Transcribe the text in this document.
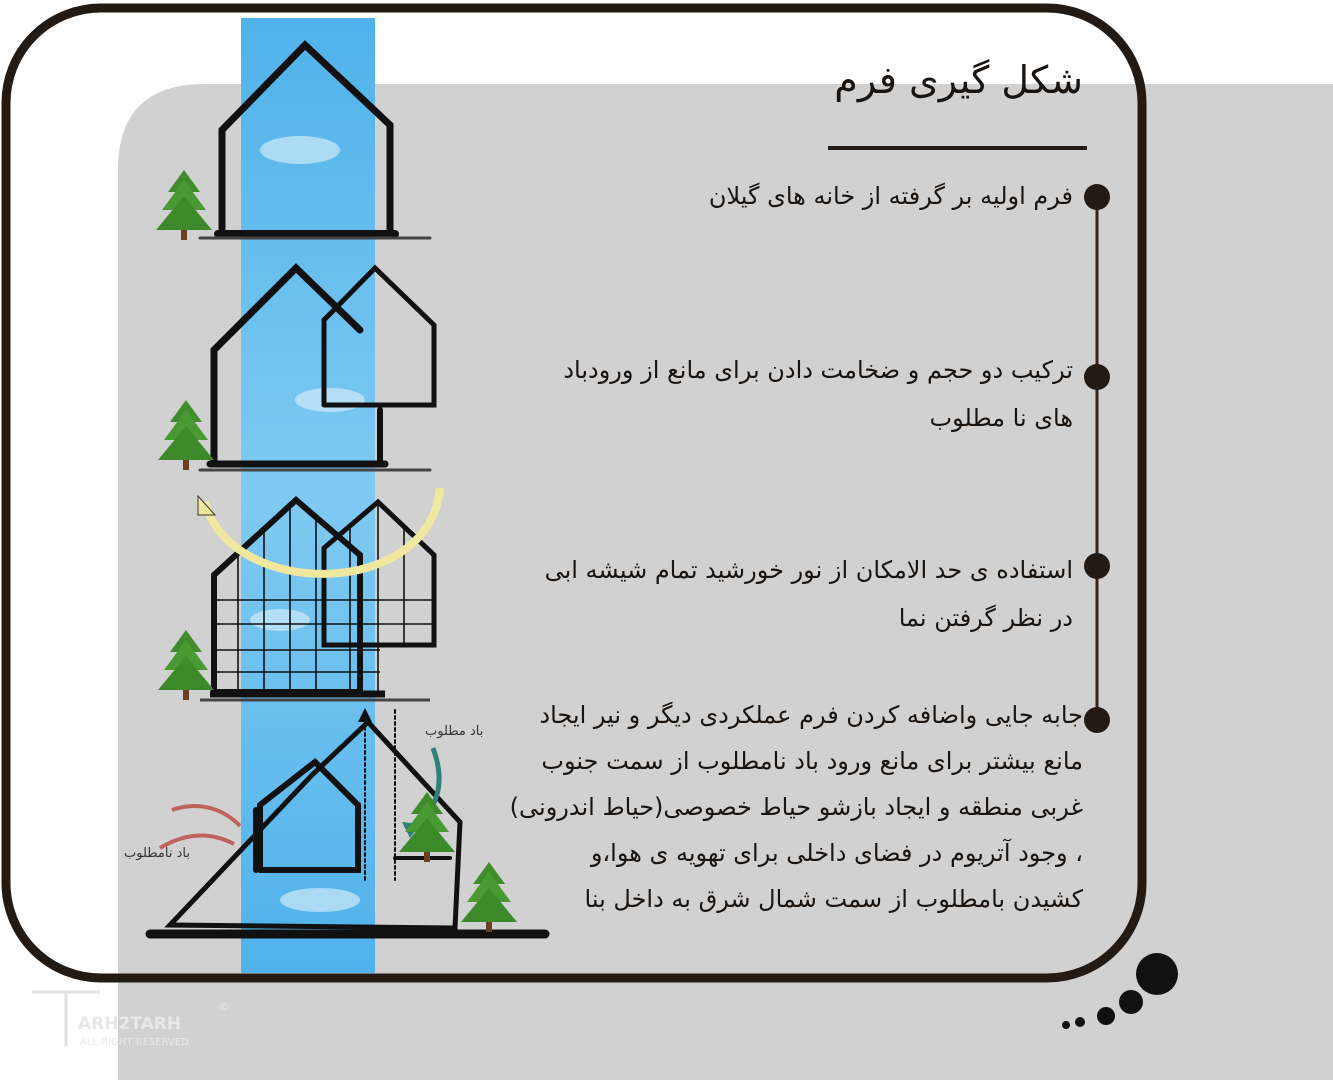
شکل گیری فرم
فرم اولیه بر گرفته از خانه های گیلان
ترکیب دو حجم و ضخامت دادن برای مانع از ورودباد
های نا مطلوب
استفاده ی حد الامکان از نور خورشید تمام شیشه ابی
در نظر گرفتن نما
جابه جایی واضافه کردن فرم عملکردی دیگر و نیر ایجاد
مانع بیشتر برای مانع ورود باد نامطلوب از سمت جنوب
غربی منطقه و ایجاد بازشو حیاط خصوصی(حیاط اندرونی)
، وجود آتریوم در فضای داخلی برای تهویه ی هوا،و
کشیدن بامطلوب از سمت شمال شرق به داخل بنا
باد مطلوب
باد نامطلوب
ARH2TARH
ALL RIGHT RESERVED
©
